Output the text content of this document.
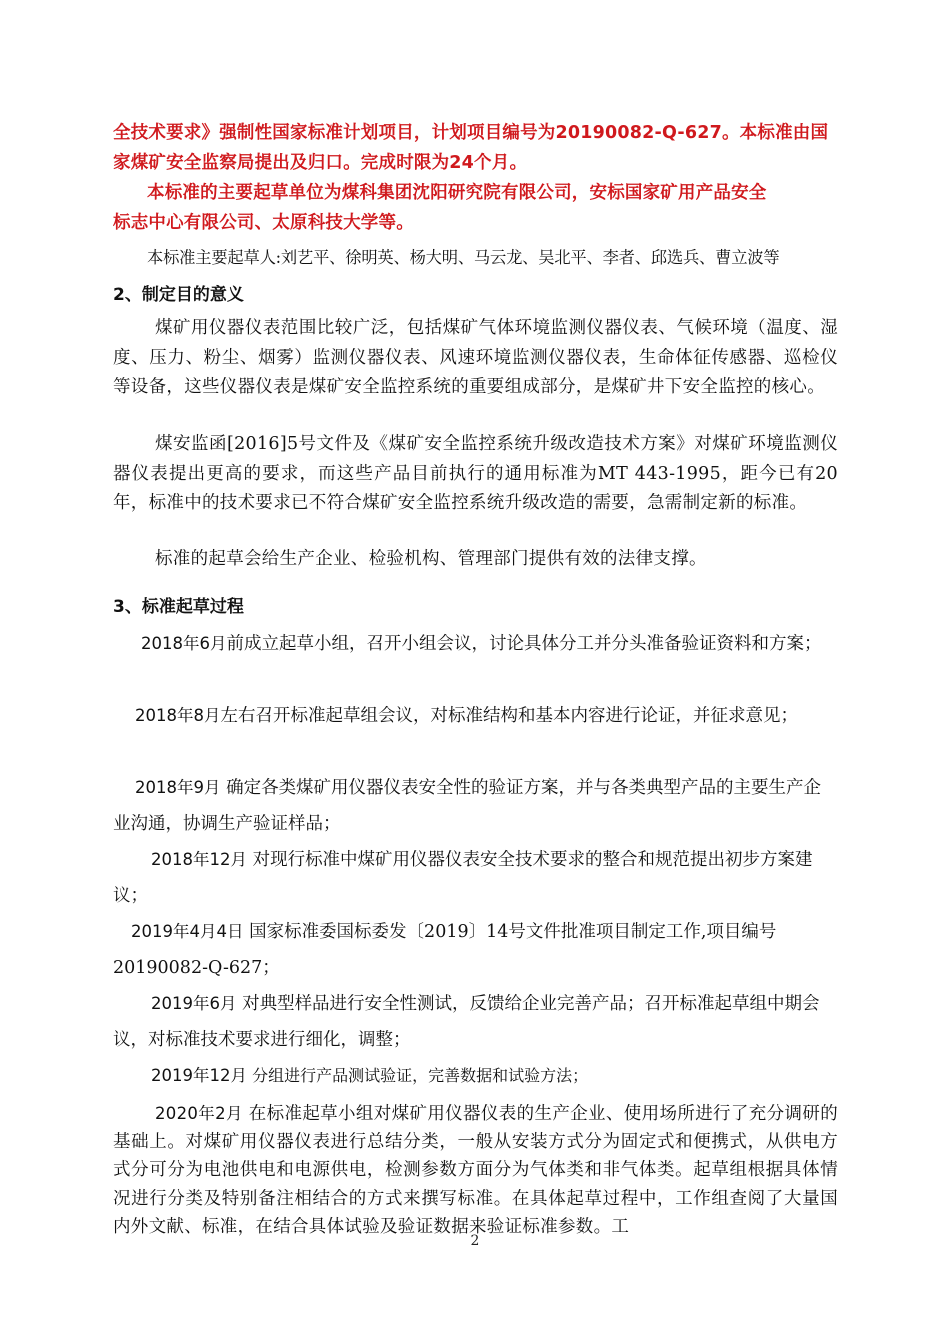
全技术要求》强制性国家标准计划项目，计划项目编号为20190082-Q-627。本标准由国
家煤矿安全监察局提出及归口。完成时限为24个月。
本标准的主要起草单位为煤科集团沈阳研究院有限公司，安标国家矿用产品安全
标志中心有限公司、太原科技大学等。
本标准主要起草人:刘艺平、徐明英、杨大明、马云龙、吴北平、李者、邱选兵、曹立波等
2、制定目的意义
煤矿用仪器仪表范围比较广泛，包括煤矿气体环境监测仪器仪表、气候环境（温度、湿度、压力、粉尘、烟雾）监测仪器仪表、风速环境监测仪器仪表，生命体征传感器、巡检仪等设备，这些仪器仪表是煤矿安全监控系统的重要组成部分，是煤矿井下安全监控的核心。
煤安监函[2016]5号文件及《煤矿安全监控系统升级改造技术方案》对煤矿环境监测仪器仪表提出更高的要求，而这些产品目前执行的通用标准为MT 443-1995，距今已有20年，标准中的技术要求已不符合煤矿安全监控系统升级改造的需要，急需制定新的标准。
标准的起草会给生产企业、检验机构、管理部门提供有效的法律支撑。
3、标准起草过程
2018年6月前成立起草小组，召开小组会议，讨论具体分工并分头准备验证资料和方案；
2018年8月左右召开标准起草组会议，对标准结构和基本内容进行论证，并征求意见；
2018年9月 确定各类煤矿用仪器仪表安全性的验证方案，并与各类典型产品的主要生产企业沟通，协调生产验证样品；
2018年12月 对现行标准中煤矿用仪器仪表安全技术要求的整合和规范提出初步方案建议；
2019年4月4日 国家标准委国标委发〔2019〕14号文件批准项目制定工作,项目编号20190082-Q-627；
2019年6月 对典型样品进行安全性测试，反馈给企业完善产品；召开标准起草组中期会议，对标准技术要求进行细化，调整；
2019年12月 分组进行产品测试验证，完善数据和试验方法；
2020年2月 在标准起草小组对煤矿用仪器仪表的生产企业、使用场所进行了充分调研的基础上。对煤矿用仪器仪表进行总结分类，一般从安装方式分为固定式和便携式，从供电方式分可分为电池供电和电源供电，检测参数方面分为气体类和非气体类。起草组根据具体情况进行分类及特别备注相结合的方式来撰写标准。在具体起草过程中，工作组查阅了大量国内外文献、标准，在结合具体试验及验证数据来验证标准参数。工
2
